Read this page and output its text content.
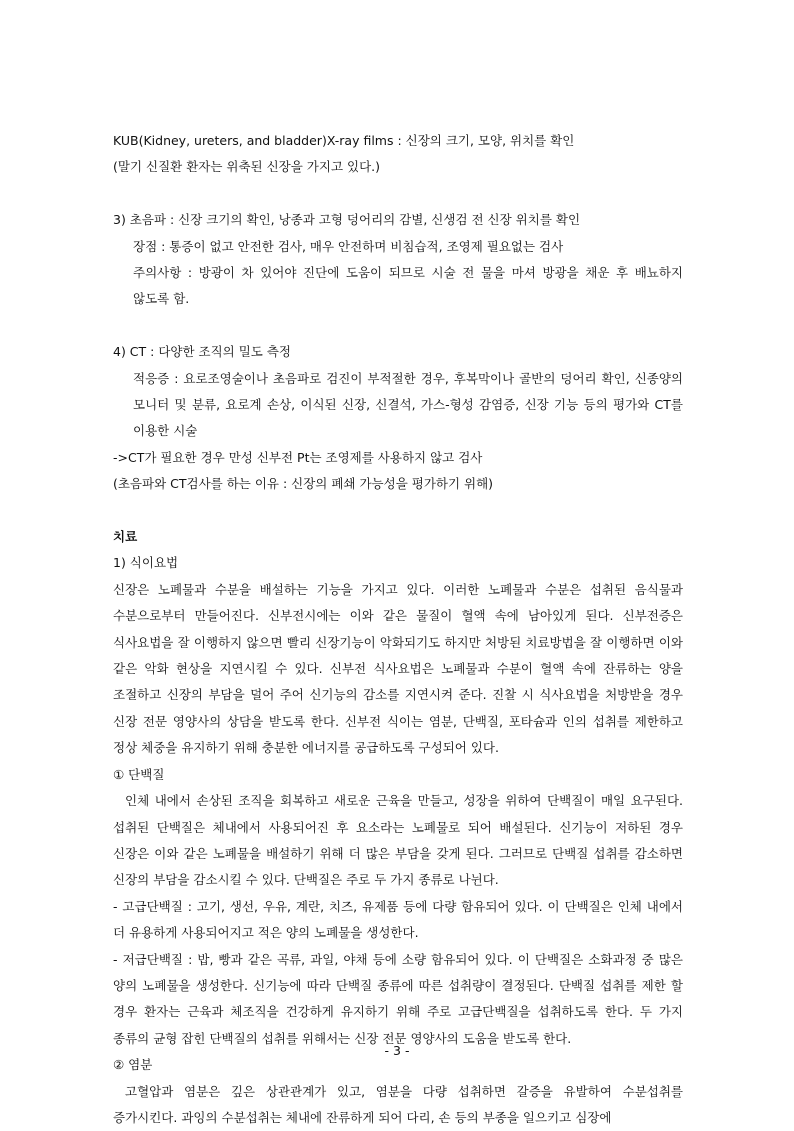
KUB(Kidney, ureters, and bladder)X-ray films : 신장의 크기, 모양, 위치를 확인

(말기 신질환 환자는 위축된 신장을 가지고 있다.)

3) 초음파 : 신장 크기의 확인, 낭종과 고형 덩어리의 감별, 신생검 전 신장 위치를 확인

장점 : 통증이 없고 안전한 검사, 매우 안전하며 비침습적, 조영제 필요없는 검사

주의사항 : 방광이 차 있어야 진단에 도움이 되므로 시술 전 물을 마셔 방광을 채운 후 배뇨하지 않도록 함.

4) CT : 다양한 조직의 밀도 측정

적응증 : 요로조영술이나 초음파로 검진이 부적절한 경우, 후복막이나 골반의 덩어리 확인, 신종양의 모니터 및 분류, 요로계 손상, 이식된 신장, 신결석, 가스-형성 감염증, 신장 기능 등의 평가와 CT를 이용한 시술

->CT가 필요한 경우 만성 신부전 Pt는 조영제를 사용하지 않고 검사

(초음파와 CT검사를 하는 이유 : 신장의 폐쇄 가능성을 평가하기 위해)

치료

1) 식이요법

신장은 노폐물과 수분을 배설하는 기능을 가지고 있다. 이러한 노폐물과 수분은 섭취된 음식물과 수분으로부터 만들어진다. 신부전시에는 이와 같은 물질이 혈액 속에 남아있게 된다. 신부전증은 식사요법을 잘 이행하지 않으면 빨리 신장기능이 악화되기도 하지만 처방된 치료방법을 잘 이행하면 이와 같은 악화 현상을 지연시킬 수 있다. 신부전 식사요법은 노폐물과 수분이 혈액 속에 잔류하는 양을 조절하고 신장의 부담을 덜어 주어 신기능의 감소를 지연시켜 준다. 진찰 시 식사요법을 처방받을 경우 신장 전문 영양사의 상담을 받도록 한다. 신부전 식이는 염분, 단백질, 포타슘과 인의 섭취를 제한하고 정상 체중을 유지하기 위해 충분한 에너지를 공급하도록 구성되어 있다.

① 단백질

인체 내에서 손상된 조직을 회복하고 새로운 근육을 만들고, 성장을 위하여 단백질이 매일 요구된다. 섭취된 단백질은 체내에서 사용되어진 후 요소라는 노폐물로 되어 배설된다. 신기능이 저하된 경우 신장은 이와 같은 노폐물을 배설하기 위해 더 많은 부담을 갖게 된다. 그러므로 단백질 섭취를 감소하면 신장의 부담을 감소시킬 수 있다. 단백질은 주로 두 가지 종류로 나뉜다.

- 고급단백질 : 고기, 생선, 우유, 계란, 치즈, 유제품 등에 다량 함유되어 있다. 이 단백질은 인체 내에서 더 유용하게 사용되어지고 적은 양의 노폐물을 생성한다.

- 저급단백질 : 밥, 빵과 같은 곡류, 과일, 야채 등에 소량 함유되어 있다. 이 단백질은 소화과정 중 많은 양의 노폐물을 생성한다. 신기능에 따라 단백질 종류에 따른 섭취량이 결정된다. 단백질 섭취를 제한 할 경우 환자는 근육과 체조직을 건강하게 유지하기 위해 주로 고급단백질을 섭취하도록 한다. 두 가지 종류의 균형 잡힌 단백질의 섭취를 위해서는 신장 전문 영양사의 도움을 받도록 한다.

② 염분

고혈압과 염분은 깊은 상관관계가 있고, 염분을 다량 섭취하면 갈증을 유발하여 수분섭취를 증가시킨다. 과잉의 수분섭취는 체내에 잔류하게 되어 다리, 손 등의 부종을 일으키고 심장에

- 3 -
